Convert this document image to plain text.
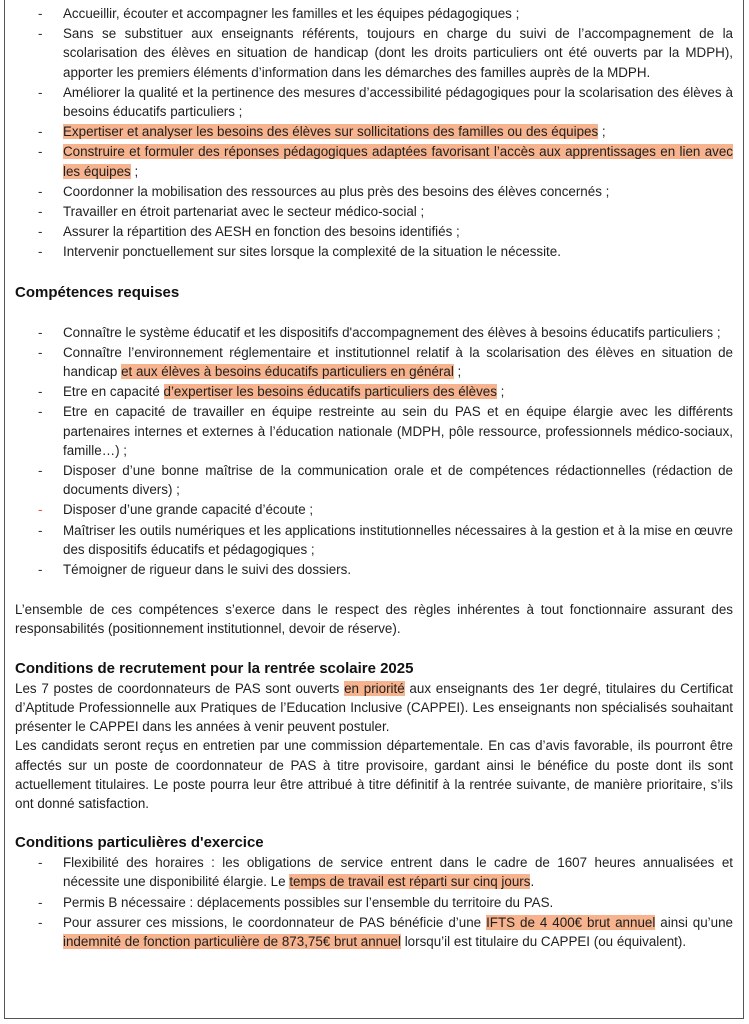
- Accueillir, écouter et accompagner les familles et les équipes pédagogiques ;
- Sans se substituer aux enseignants référents, toujours en charge du suivi de l’accompagnement de la scolarisation des élèves en situation de handicap (dont les droits particuliers ont été ouverts par la MDPH), apporter les premiers éléments d’information dans les démarches des familles auprès de la MDPH.
- Améliorer la qualité et la pertinence des mesures d’accessibilité pédagogiques pour la scolarisation des élèves à besoins éducatifs particuliers ;
- Expertiser et analyser les besoins des élèves sur sollicitations des familles ou des équipes ;
- Construire et formuler des réponses pédagogiques adaptées favorisant l’accès aux apprentissages en lien avec les équipes ;
- Coordonner la mobilisation des ressources au plus près des besoins des élèves concernés ;
- Travailler en étroit partenariat avec le secteur médico-social ;
- Assurer la répartition des AESH en fonction des besoins identifiés ;
- Intervenir ponctuellement sur sites lorsque la complexité de la situation le nécessite.
Compétences requises
- Connaître le système éducatif et les dispositifs d'accompagnement des élèves à besoins éducatifs particuliers ;
- Connaître l’environnement réglementaire et institutionnel relatif à la scolarisation des élèves en situation de handicap et aux élèves à besoins éducatifs particuliers en général ;
- Etre en capacité d’expertiser les besoins éducatifs particuliers des élèves ;
- Etre en capacité de travailler en équipe restreinte au sein du PAS et en équipe élargie avec les différents partenaires internes et externes à l’éducation nationale (MDPH, pôle ressource, professionnels médico-sociaux, famille…) ;
- Disposer d’une bonne maîtrise de la communication orale et de compétences rédactionnelles (rédaction de documents divers) ;
- Disposer d’une grande capacité d’écoute ;
- Maîtriser les outils numériques et les applications institutionnelles nécessaires à la gestion et à la mise en œuvre des dispositifs éducatifs et pédagogiques ;
- Témoigner de rigueur dans le suivi des dossiers.

L’ensemble de ces compétences s’exerce dans le respect des règles inhérentes à tout fonctionnaire assurant des responsabilités (positionnement institutionnel, devoir de réserve).

Conditions de recrutement pour la rentrée scolaire 2025

Les 7 postes de coordonnateurs de PAS sont ouverts en priorité aux enseignants des 1er degré, titulaires du Certificat d’Aptitude Professionnelle aux Pratiques de l’Education Inclusive (CAPPEI). Les enseignants non spécialisés souhaitant présenter le CAPPEI dans les années à venir peuvent postuler.

Les candidats seront reçus en entretien par une commission départementale. En cas d’avis favorable, ils pourront être affectés sur un poste de coordonnateur de PAS à titre provisoire, gardant ainsi le bénéfice du poste dont ils sont actuellement titulaires. Le poste pourra leur être attribué à titre définitif à la rentrée suivante, de manière prioritaire, s’ils ont donné satisfaction.

Conditions particulières d'exercice
- Flexibilité des horaires : les obligations de service entrent dans le cadre de 1607 heures annualisées et nécessite une disponibilité élargie. Le temps de travail est réparti sur cinq jours.
- Permis B nécessaire : déplacements possibles sur l’ensemble du territoire du PAS.
- Pour assurer ces missions, le coordonnateur de PAS bénéficie d’une IFTS de 4 400€ brut annuel ainsi qu’une indemnité de fonction particulière de 873,75€ brut annuel lorsqu’il est titulaire du CAPPEI (ou équivalent).
